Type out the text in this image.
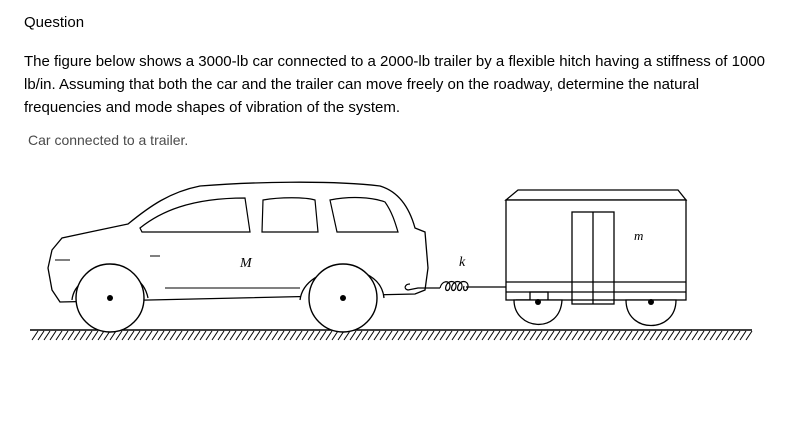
Question
The figure below shows a 3000-lb car connected to a 2000-lb trailer by a flexible hitch having a stiffness of 1000 lb/in. Assuming that both the car and the trailer can move freely on the roadway, determine the natural frequencies and mode shapes of vibration of the system.
Car connected to a trailer.
M	k
m
